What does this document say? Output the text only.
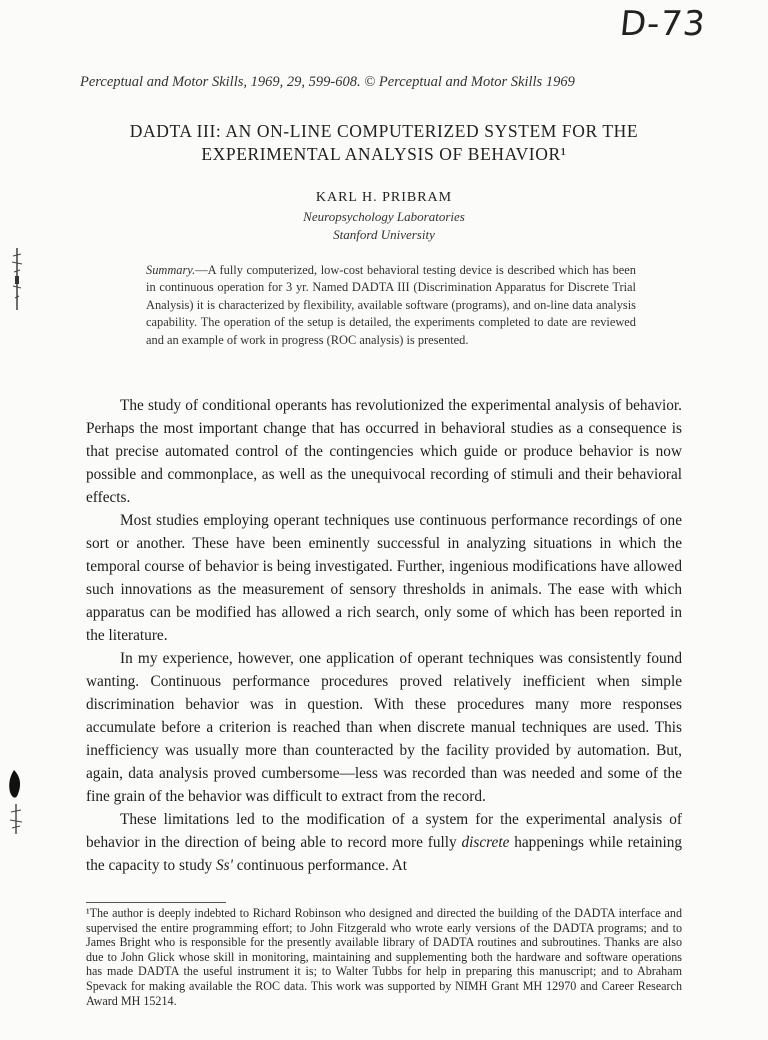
D-73
Perceptual and Motor Skills, 1969, 29, 599-608. © Perceptual and Motor Skills 1969
DADTA III: AN ON-LINE COMPUTERIZED SYSTEM FOR THE
EXPERIMENTAL ANALYSIS OF BEHAVIOR¹
KARL H. PRIBRAM
Neuropsychology Laboratories
Stanford University
Summary.—A fully computerized, low-cost behavioral testing device is described which has been in continuous operation for 3 yr. Named DADTA III (Discrimination Apparatus for Discrete Trial Analysis) it is characterized by flexibility, available software (programs), and on-line data analysis capability. The operation of the setup is detailed, the experiments completed to date are reviewed and an example of work in progress (ROC analysis) is presented.

The study of conditional operants has revolutionized the experimental analysis of behavior. Perhaps the most important change that has occurred in behavioral studies as a consequence is that precise automated control of the contingencies which guide or produce behavior is now possible and commonplace, as well as the unequivocal recording of stimuli and their behavioral effects.

Most studies employing operant techniques use continuous performance recordings of one sort or another. These have been eminently successful in analyzing situations in which the temporal course of behavior is being investigated. Further, ingenious modifications have allowed such innovations as the measurement of sensory thresholds in animals. The ease with which apparatus can be modified has allowed a rich search, only some of which has been reported in the literature.

In my experience, however, one application of operant techniques was consistently found wanting. Continuous performance procedures proved relatively inefficient when simple discrimination behavior was in question. With these procedures many more responses accumulate before a criterion is reached than when discrete manual techniques are used. This inefficiency was usually more than counteracted by the facility provided by automation. But, again, data analysis proved cumbersome—less was recorded than was needed and some of the fine grain of the behavior was difficult to extract from the record.

These limitations led to the modification of a system for the experimental analysis of behavior in the direction of being able to record more fully discrete happenings while retaining the capacity to study Ss' continuous performance. At

¹The author is deeply indebted to Richard Robinson who designed and directed the building of the DADTA interface and supervised the entire programming effort; to John Fitzgerald who wrote early versions of the DADTA programs; and to James Bright who is responsible for the presently available library of DADTA routines and subroutines. Thanks are also due to John Glick whose skill in monitoring, maintaining and supplementing both the hardware and software operations has made DADTA the useful instrument it is; to Walter Tubbs for help in preparing this manuscript; and to Abraham Spevack for making available the ROC data. This work was supported by NIMH Grant MH 12970 and Career Research Award MH 15214.
